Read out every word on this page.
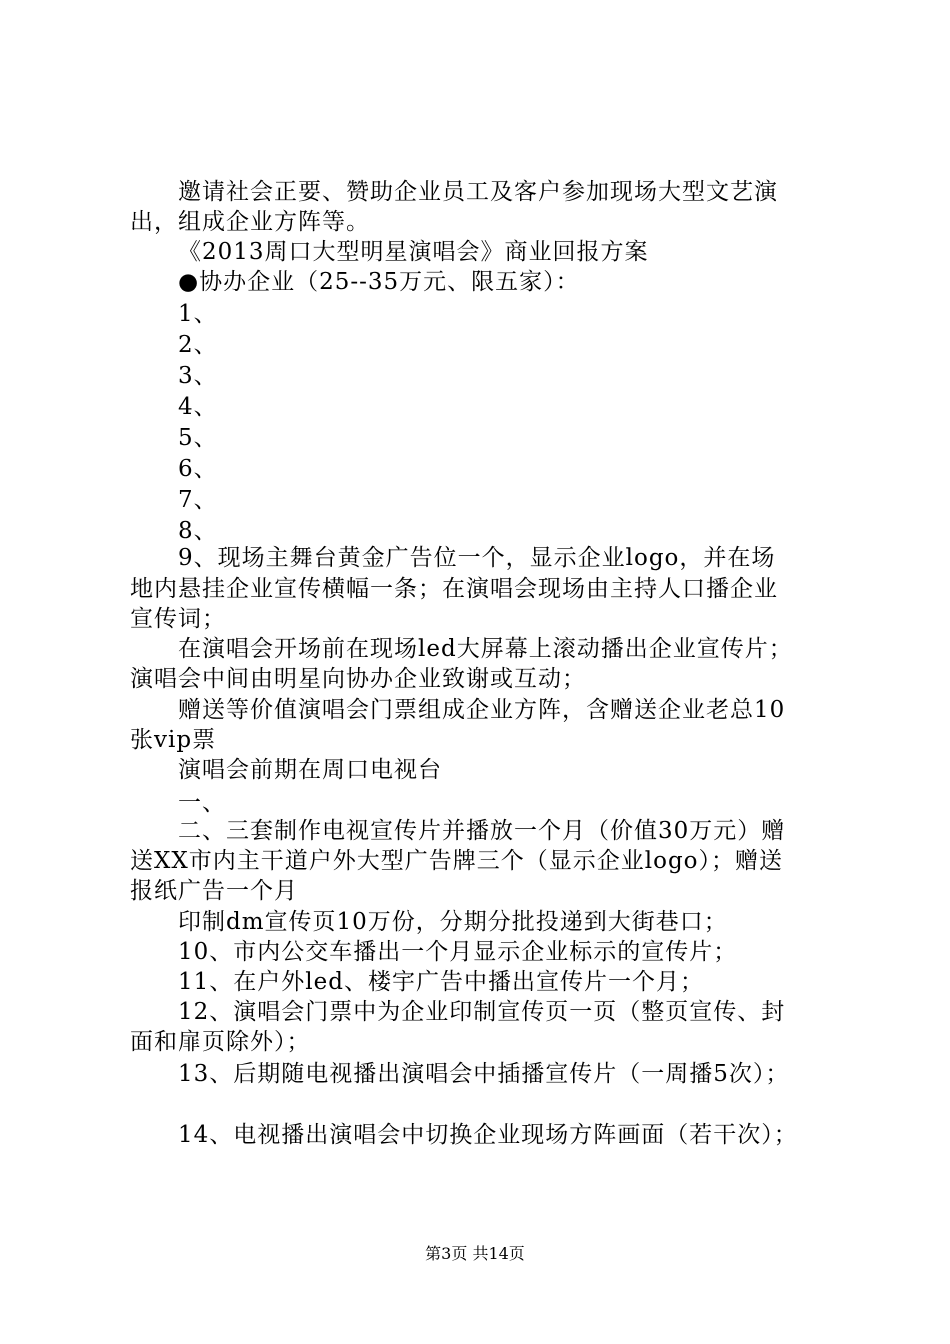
邀请社会正要、赞助企业员工及客户参加现场大型文艺演
出，组成企业方阵等。
《2013周口大型明星演唱会》商业回报方案
●协办企业（25--35万元、限五家）：
1、
2、
3、
4、
5、
6、
7、
8、
9、现场主舞台黄金广告位一个，显示企业logo，并在场
地内悬挂企业宣传横幅一条；在演唱会现场由主持人口播企业
宣传词；
在演唱会开场前在现场led大屏幕上滚动播出企业宣传片；
演唱会中间由明星向协办企业致谢或互动；
赠送等价值演唱会门票组成企业方阵，含赠送企业老总10
张vip票
演唱会前期在周口电视台
一、
二、三套制作电视宣传片并播放一个月（价值30万元）赠
送XX市内主干道户外大型广告牌三个（显示企业logo）；赠送
报纸广告一个月
印制dm宣传页10万份，分期分批投递到大街巷口；
10、市内公交车播出一个月显示企业标示的宣传片；
11、在户外led、楼宇广告中播出宣传片一个月；
12、演唱会门票中为企业印制宣传页一页（整页宣传、封
面和扉页除外）；
13、后期随电视播出演唱会中插播宣传片（一周播5次）；
14、电视播出演唱会中切换企业现场方阵画面（若干次）；
第3页 共14页
